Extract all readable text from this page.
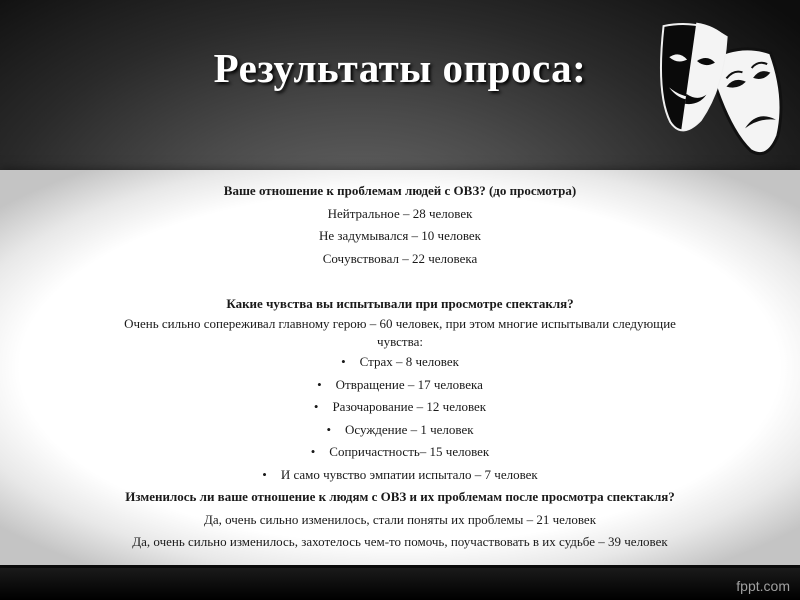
Результаты опроса:
Ваше отношение к проблемам людей с ОВЗ? (до просмотра)
Нейтральное – 28 человек
Не задумывался – 10 человек
Сочувствовал – 22 человека
Какие чувства вы испытывали при просмотре спектакля?
Очень сильно сопереживал главному герою – 60 человек, при этом многие испытывали следующие
чувства:
• Страх – 8 человек
• Отвращение – 17 человека
• Разочарование – 12 человек
• Осуждение – 1 человек
• Сопричастность– 15 человек
• И само чувство эмпатии испытало – 7 человек
Изменилось ли ваше отношение к людям с ОВЗ и их проблемам после просмотра спектакля?
Да, очень сильно изменилось, стали поняты их проблемы – 21 человек
Да, очень сильно изменилось, захотелось чем-то помочь, поучаствовать в их судьбе – 39 человек
fppt.com
